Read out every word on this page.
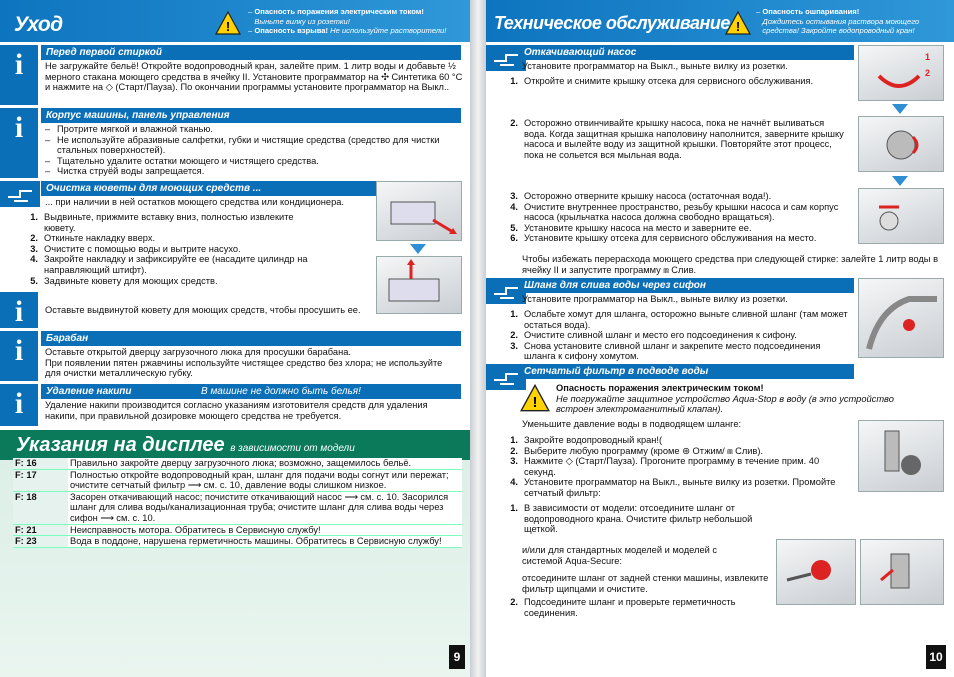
Уход	!
– Опасность поражения электрическим током!
Выньте вилку из розетки!
– Опасность взрыва! Не используйте растворители!
i	Перед первой стиркой
Не загружайте бельё! Откройте водопроводный кран, залейте прим. 1 литр воды и добавьте ½ мерного стакана моющего средства в ячейку II. Установите программатор на ✣ Синтетика 60 °C и нажмите на ◇ (Старт/Пауза). По окончании программы установите программатор на Выкл..
i	Корпус машины, панель управления
– Протрите мягкой и влажной тканью.
– Не используйте абразивные салфетки, губки и чистящие средства (средство для чистки стальных поверхностей).
– Тщательно удалите остатки моющего и чистящего средства.
– Чистка струёй воды запрещается.
Очистка кюветы для моющих средств ...
... при наличии в ней остатков моющего средства или кондиционера.
1. Выдвиньте, прижмите вставку вниз, полностью извлеките кювету.
2. Откиньте накладку вверх.
3. Очистите с помощью воды и вытрите насухо.
4. Закройте накладку и зафиксируйте ее (насадите цилиндр на направляющий штифт).
5. Задвиньте кювету для моющих средств.
i	Оставьте выдвинутой кювету для моющих средств, чтобы просушить ее.
i	Барабан

Оставьте открытой дверцу загрузочного люка для просушки барабана.

При появлении пятен ржавчины используйте чистящее средство без хлора; не используйте для очистки металлическую губку.

i	Удаление накипи	В машине не должно быть белья!
Удаление накипи производится согласно указаниям изготовителя средств для удаления накипи, при правильной дозировке моющего средства не требуется.
Указания на дисплее в зависимости от модели
F: 16	Правильно закройте дверцу загрузочного люка; возможно, защемилось бельё.
F: 17	Полностью откройте водопроводный кран, шланг для подачи воды согнут или пережат; очистите сетчатый фильтр ⟶ см. с. 10, давление воды слишком низкое.
F: 18	Засорен откачивающий насос; почистите откачивающий насос ⟶ см. с. 10. Засорился шланг для слива воды/канализационная труба; очистите шланг для слива воды через сифон ⟶ см. с. 10.
F: 21	Неисправность мотора. Обратитесь в Сервисную службу!
F: 23	Вода в поддоне, нарушена герметичность машины. Обратитесь в Сервисную службу!
9
Техническое обслуживание !
– Опасность ошпаривания!
Дождитесь остывания раствора моющего
средства! Закройте водопроводный кран!
Откачивающий насос
Установите программатор на Выкл., выньте вилку из розетки.
1. Откройте и снимите крышку отсека для сервисного обслуживания.
2. Осторожно отвинчивайте крышку насоса, пока не начнёт выливаться вода. Когда защитная крышка наполовину наполнится, заверните крышку насоса и вылейте воду из защитной крышки. Повторяйте этот процесс, пока не сольется вся мыльная вода.
3. Осторожно отверните крышку насоса (остаточная вода!).
4. Очистите внутреннее пространство, резьбу крышки насоса и сам корпус насоса (крыльчатка насоса должна свободно вращаться).
5. Установите крышку насоса на место и заверните ее.
6. Установите крышку отсека для сервисного обслуживания на место.
Чтобы избежать перерасхода моющего средства при следующей стирке: залейте 1 литр воды в ячейку II и запустите программу ⩎ Слив.
1
2
Шланг для слива воды через сифон
Установите программатор на Выкл., выньте вилку из розетки.
1. Ослабьте хомут для шланга, осторожно выньте сливной шланг (там может остаться вода).
2. Очистите сливной шланг и место его подсоединения к сифону.
3. Снова установите сливной шланг и закрепите место подсоединения шланга к сифону хомутом.
Сетчатый фильтр в подводе воды
!

Опасность поражения электрическим током!

Не погружайте защитное устройство Aqua-Stop в воду (в это устройство встроен электромагнитный клапан).

Уменьшите давление воды в подводящем шланге:
1. Закройте водопроводный кран!(
2. Выберите любую программу (кроме ⊛ Отжим/ ⩎ Слив).
3. Нажмите ◇ (Старт/Пауза). Прогоните программу в течение прим. 40 секунд.
4. Установите программатор на Выкл., выньте вилку из розетки. Промойте сетчатый фильтр:
1. В зависимости от модели: отсоедините шланг от водопроводного крана. Очистите фильтр небольшой щеткой.
и/или для стандартных моделей и моделей с системой Aqua-Secure:
отсоедините шланг от задней стенки машины, извлеките фильтр щипцами и очистите.
2. Подсоедините шланг и проверьте герметичность соединения.
10
